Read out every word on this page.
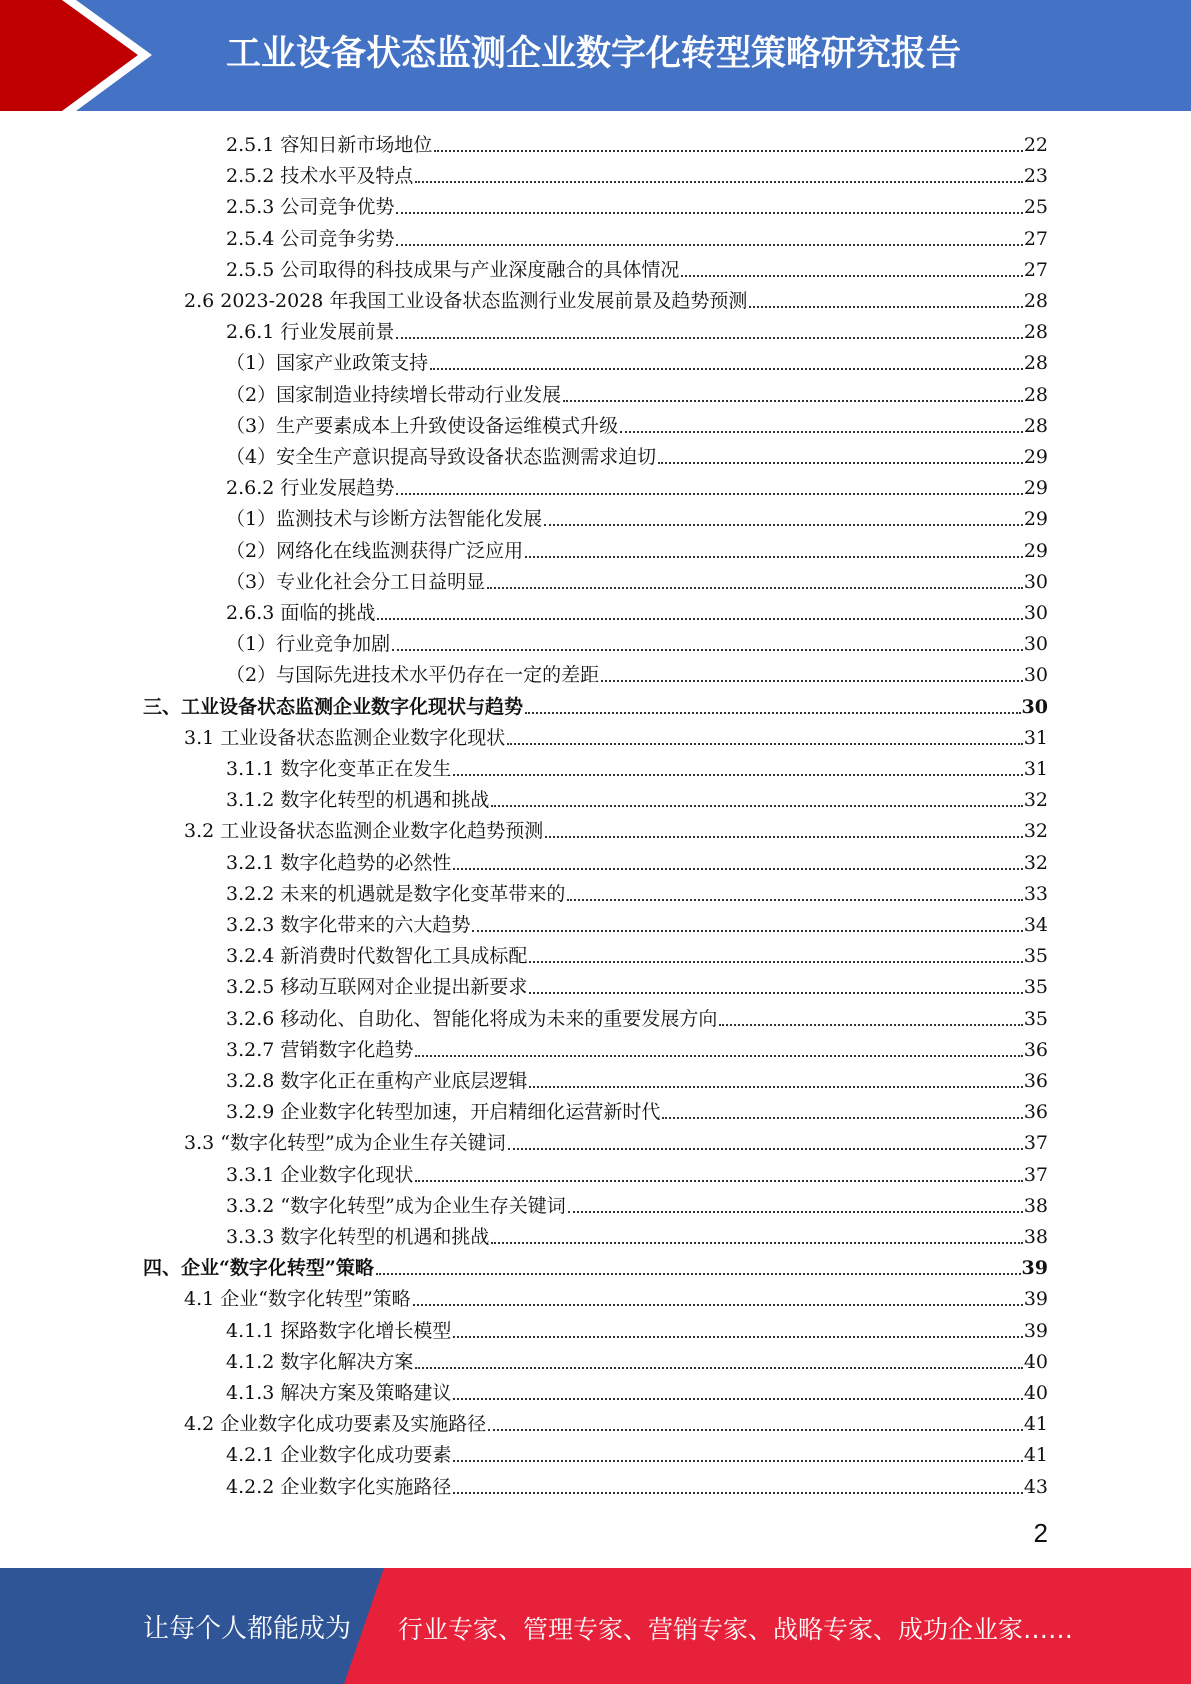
工业设备状态监测企业数字化转型策略研究报告
2.5.1 容知日新市场地位	22
2.5.2 技术水平及特点	23
2.5.3 公司竞争优势	25
2.5.4 公司竞争劣势	27
2.5.5 公司取得的科技成果与产业深度融合的具体情况	27
2.6 2023-2028 年我国工业设备状态监测行业发展前景及趋势预测	28
2.6.1 行业发展前景	28
（1）国家产业政策支持	28
（2）国家制造业持续增长带动行业发展	28
（3）生产要素成本上升致使设备运维模式升级	28
（4）安全生产意识提高导致设备状态监测需求迫切	29
2.6.2 行业发展趋势	29
（1）监测技术与诊断方法智能化发展	29
（2）网络化在线监测获得广泛应用	29
（3）专业化社会分工日益明显	30
2.6.3 面临的挑战	30
（1）行业竞争加剧	30
（2）与国际先进技术水平仍存在一定的差距	30
三、工业设备状态监测企业数字化现状与趋势	30
3.1 工业设备状态监测企业数字化现状	31
3.1.1 数字化变革正在发生	31
3.1.2 数字化转型的机遇和挑战	32
3.2 工业设备状态监测企业数字化趋势预测	32
3.2.1 数字化趋势的必然性	32
3.2.2 未来的机遇就是数字化变革带来的	33
3.2.3 数字化带来的六大趋势	34
3.2.4 新消费时代数智化工具成标配	35
3.2.5 移动互联网对企业提出新要求	35
3.2.6 移动化、自助化、智能化将成为未来的重要发展方向	35
3.2.7 营销数字化趋势	36
3.2.8 数字化正在重构产业底层逻辑	36
3.2.9 企业数字化转型加速，开启精细化运营新时代	36
3.3 “数字化转型”成为企业生存关键词	37
3.3.1 企业数字化现状	37
3.3.2 “数字化转型”成为企业生存关键词	38
3.3.3 数字化转型的机遇和挑战	38
四、企业“数字化转型”策略	39
4.1 企业“数字化转型”策略	39
4.1.1 探路数字化增长模型	39
4.1.2 数字化解决方案	40
4.1.3 解决方案及策略建议	40
4.2 企业数字化成功要素及实施路径	41
4.2.1 企业数字化成功要素	41
4.2.2 企业数字化实施路径	43
2
让每个人都能成为 行业专家、管理专家、营销专家、战略专家、成功企业家……
